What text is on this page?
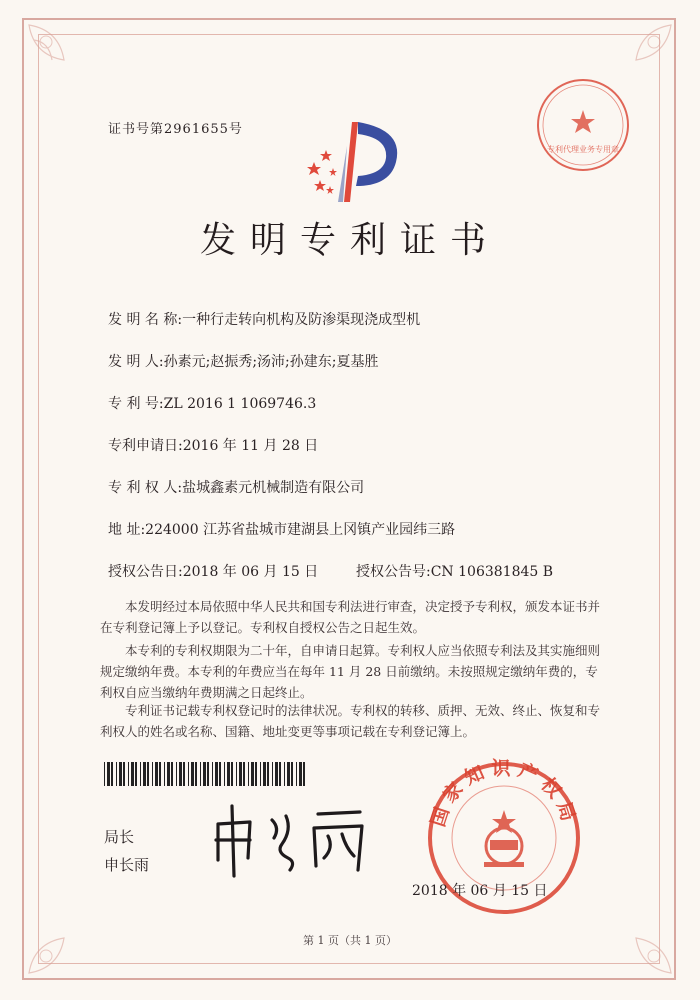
证书号第2961655号
专利代理业务专用章
发明专利证书
发 明 名 称:一种行走转向机构及防渗渠现浇成型机
发 明 人:孙素元;赵振秀;汤沛;孙建东;夏基胜
专 利 号:ZL 2016 1 1069746.3
专利申请日:2016 年 11 月 28 日
专 利 权 人:盐城鑫素元机械制造有限公司
地 址:224000 江苏省盐城市建湖县上冈镇产业园纬三路
授权公告日:2018 年 06 月 15 日	授权公告号:CN 106381845 B

本发明经过本局依照中华人民共和国专利法进行审查，决定授予专利权，颁发本证书并在专利登记簿上予以登记。专利权自授权公告之日起生效。

本专利的专利权期限为二十年，自申请日起算。专利权人应当依照专利法及其实施细则规定缴纳年费。本专利的年费应当在每年 11 月 28 日前缴纳。未按照规定缴纳年费的，专利权自应当缴纳年费期满之日起终止。

专利证书记载专利权登记时的法律状况。专利权的转移、质押、无效、终止、恢复和专利权人的姓名或名称、国籍、地址变更等事项记载在专利登记簿上。

局长
申长雨
国家知识产权局
2018 年 06 月 15 日
第 1 页（共 1 页）
